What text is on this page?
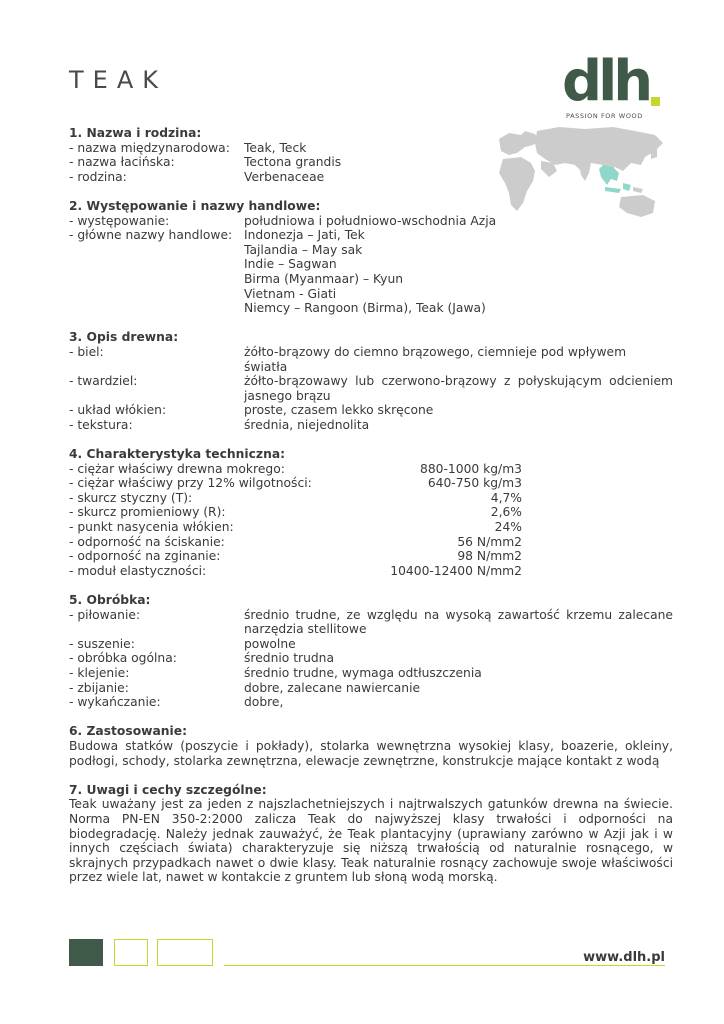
TEAK	dlh
PASSION FOR WOOD

1. Nazwa i rodzina:

- nazwa międzynarodowa:	Teak, Teck
- nazwa łacińska:	Tectona grandis
- rodzina:	Verbenaceae

2. Występowanie i nazwy handlowe:

- występowanie:	południowa i południowo-wschodnia Azja
- główne nazwy handlowe: Indonezja – Jati, Tek
Tajlandia – May sak
Indie – Sagwan
Birma (Myanmaar) – Kyun
Vietnam - Giati
Niemcy – Rangoon (Birma), Teak (Jawa)

3. Opis drewna:

- biel:	żółto-brązowy do ciemno brązowego, ciemnieje pod wpływem światła
- twardziel:	żółto-brązowawy lub czerwono-brązowy z połyskującym odcieniem jasnego brązu
- układ włókien:	proste, czasem lekko skręcone
- tekstura:	średnia, niejednolita

4. Charakterystyka techniczna:

- ciężar właściwy drewna mokrego:	880-1000 kg/m3
- ciężar właściwy przy 12% wilgotności:	640-750 kg/m3
- skurcz styczny (T):	4,7%
- skurcz promieniowy (R):	2,6%
- punkt nasycenia włókien:	24%
- odporność na ściskanie:	56 N/mm2
- odporność na zginanie:	98 N/mm2
- moduł elastyczności:	10400-12400 N/mm2

5. Obróbka:

- piłowanie:	średnio trudne, ze względu na wysoką zawartość krzemu zalecane narzędzia stellitowe
- suszenie:	powolne
- obróbka ogólna:	średnio trudna
- klejenie:	średnio trudne, wymaga odtłuszczenia
- zbijanie:	dobre, zalecane nawiercanie
- wykańczanie:	dobre,

6. Zastosowanie:

Budowa statków (poszycie i pokłady), stolarka wewnętrzna wysokiej klasy, boazerie, okleiny, podłogi, schody, stolarka zewnętrzna, elewacje zewnętrzne, konstrukcje mające kontakt z wodą

7. Uwagi i cechy szczególne:

Teak uważany jest za jeden z najszlachetniejszych i najtrwalszych gatunków drewna na świecie. Norma PN-EN 350-2:2000 zalicza Teak do najwyższej klasy trwałości i odporności na biodegradację. Należy jednak zauważyć, że Teak plantacyjny (uprawiany zarówno w Azji jak i w innych częściach świata) charakteryzuje się niższą trwałością od naturalnie rosnącego, w skrajnych przypadkach nawet o dwie klasy. Teak naturalnie rosnący zachowuje swoje właściwości przez wiele lat, nawet w kontakcie z gruntem lub słoną wodą morską.

www.dlh.pl
